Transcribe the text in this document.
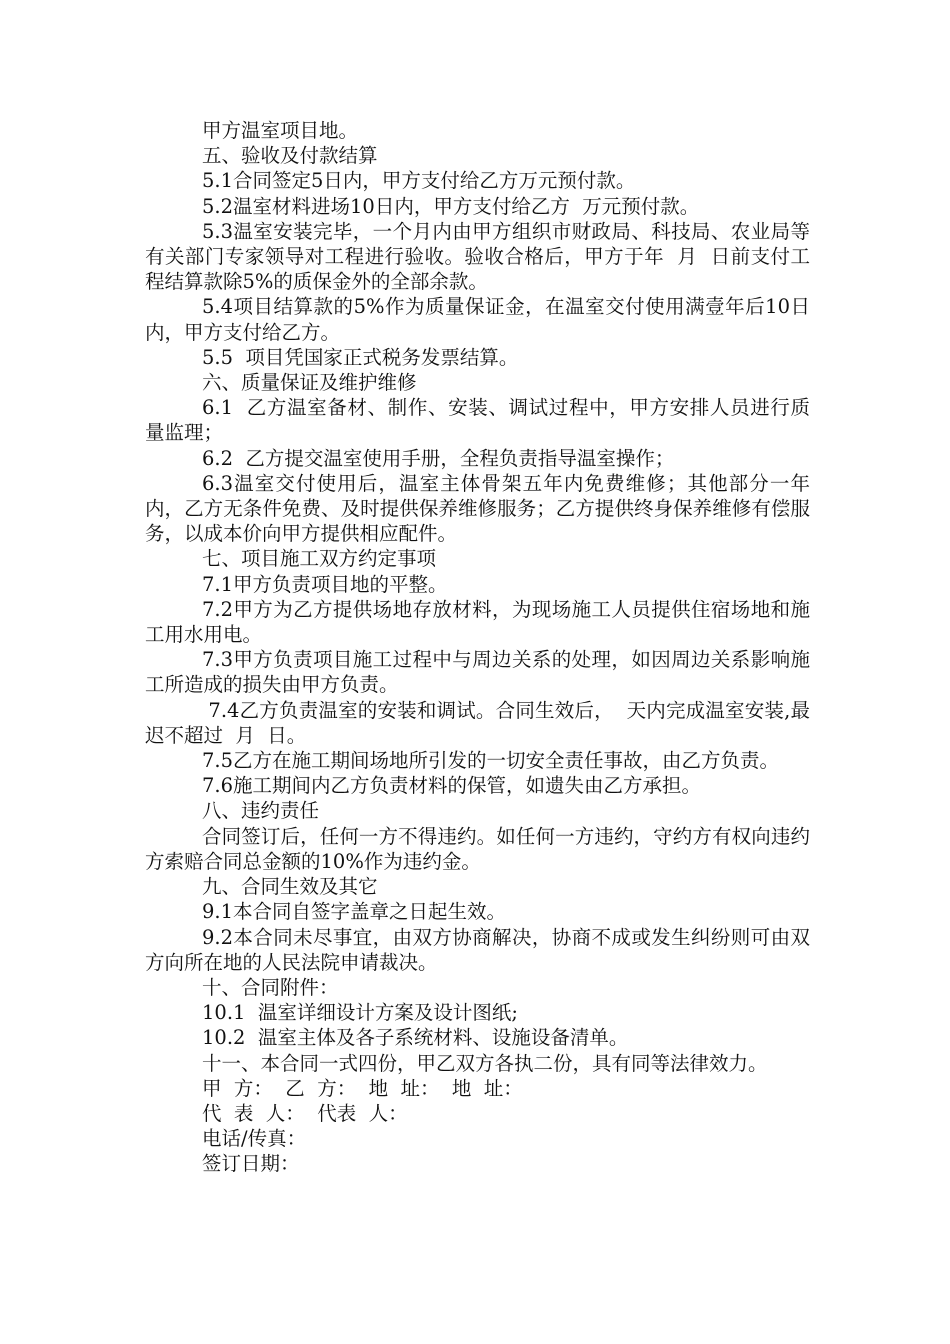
甲方温室项目地。

五、验收及付款结算

5.1合同签定5日内，甲方支付给乙方万元预付款。

5.2温室材料进场10日内，甲方支付给乙方  万元预付款。

5.3温室安装完毕，一个月内由甲方组织市财政局、科技局、农业局等有关部门专家领导对工程进行验收。验收合格后，甲方于年  月  日前支付工程结算款除5%的质保金外的全部余款。

5.4项目结算款的5%作为质量保证金，在温室交付使用满壹年后10日内，甲方支付给乙方。

5.5  项目凭国家正式税务发票结算。

六、质量保证及维护维修

6.1  乙方温室备材、制作、安装、调试过程中，甲方安排人员进行质量监理；

6.2  乙方提交温室使用手册，全程负责指导温室操作；

6.3温室交付使用后，温室主体骨架五年内免费维修；其他部分一年内，乙方无条件免费、及时提供保养维修服务；乙方提供终身保养维修有偿服务，以成本价向甲方提供相应配件。

七、项目施工双方约定事项

7.1甲方负责项目地的平整。

7.2甲方为乙方提供场地存放材料，为现场施工人员提供住宿场地和施工用水用电。

7.3甲方负责项目施工过程中与周边关系的处理，如因周边关系影响施工所造成的损失由甲方负责。

7.4乙方负责温室的安装和调试。合同生效后，  天内完成温室安装,最迟不超过  月  日。

7.5乙方在施工期间场地所引发的一切安全责任事故，由乙方负责。

7.6施工期间内乙方负责材料的保管，如遗失由乙方承担。

八、违约责任

合同签订后，任何一方不得违约。如任何一方违约，守约方有权向违约方索赔合同总金额的10%作为违约金。

九、合同生效及其它

9.1本合同自签字盖章之日起生效。

9.2本合同未尽事宜，由双方协商解决，协商不成或发生纠纷则可由双方向所在地的人民法院申请裁决。

十、合同附件：

10.1  温室详细设计方案及设计图纸;

10.2  温室主体及各子系统材料、设施设备清单。

十一、本合同一式四份，甲乙双方各执二份，具有同等法律效力。

甲  方：  乙  方：  地  址：  地  址：

代  表  人：  代表  人：

电话/传真：

签订日期：
